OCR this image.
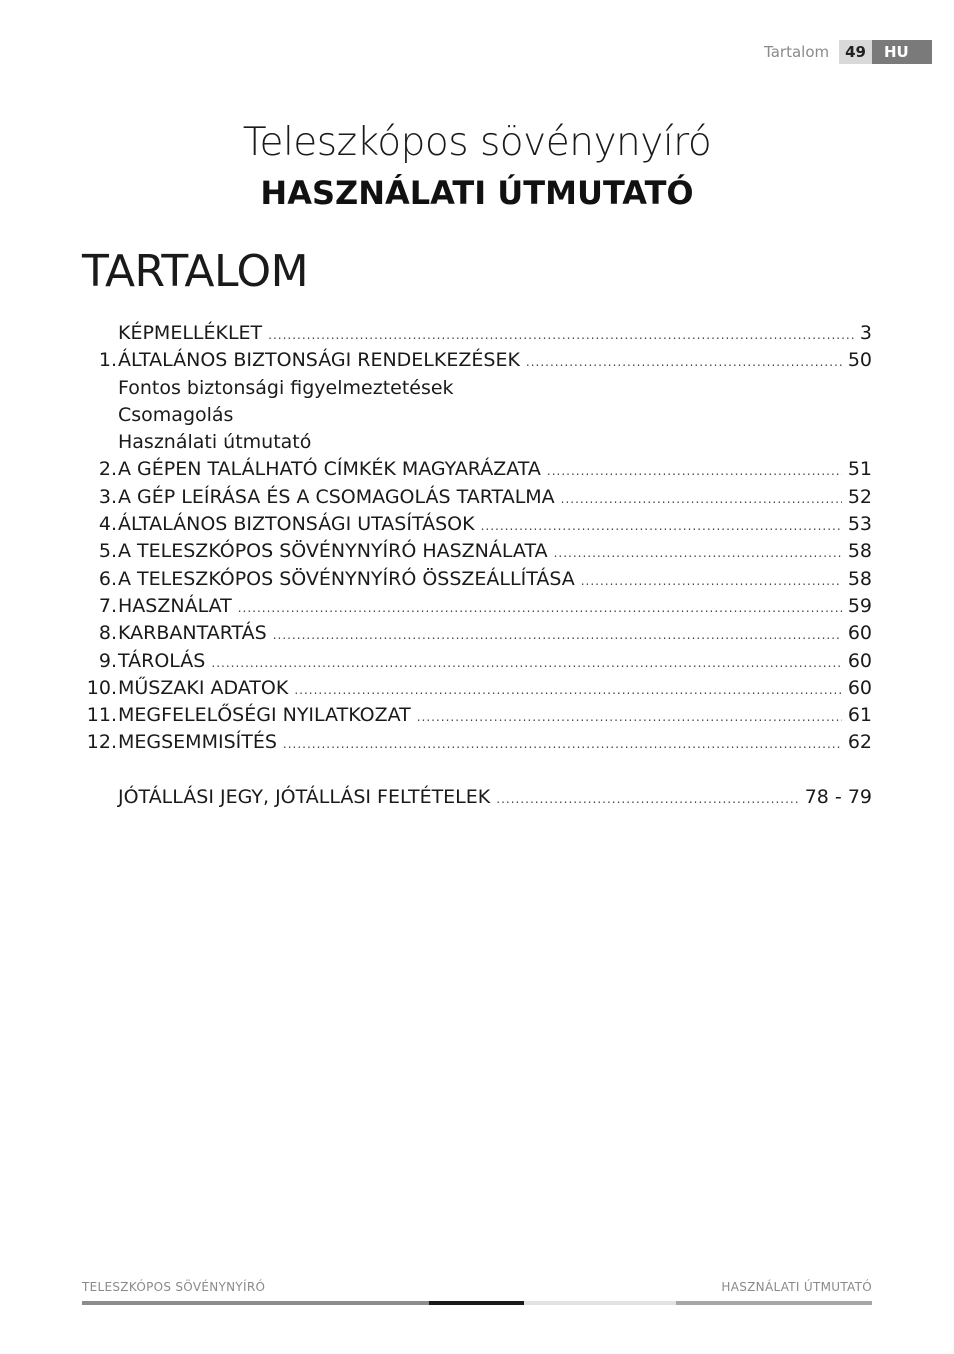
Tartalom	49	HU
Teleszkópos sövénynyíró
HASZNÁLATI ÚTMUTATÓ
TARTALOM
KÉPMELLÉKLET .....	3
1. ÁLTALÁNOS BIZTONSÁGI RENDELKEZÉSEK .....	50
Fontos biztonsági figyelmeztetések
Csomagolás
Használati útmutató
2. A GÉPEN TALÁLHATÓ CÍMKÉK MAGYARÁZATA .....	51
3. A GÉP LEÍRÁSA ÉS A CSOMAGOLÁS TARTALMA .....	52
4. ÁLTALÁNOS BIZTONSÁGI UTASÍTÁSOK .....	53
5. A TELESZKÓPOS SÖVÉNYNYÍRÓ HASZNÁLATA .....	58
6. A TELESZKÓPOS SÖVÉNYNYÍRÓ ÖSSZEÁLLÍTÁSA .....	58
7. HASZNÁLAT .....	59
8. KARBANTARTÁS .....	60
9. TÁROLÁS .....	60
10. MŰSZAKI ADATOK .....	60
11. MEGFELELŐSÉGI NYILATKOZAT .....	61
12. MEGSEMMISÍTÉS .....	62
JÓTÁLLÁSI JEGY, JÓTÁLLÁSI FELTÉTELEK .....	78 - 79
TELESZKÓPOS SÖVÉNYNYÍRÓ	HASZNÁLATI ÚTMUTATÓ
